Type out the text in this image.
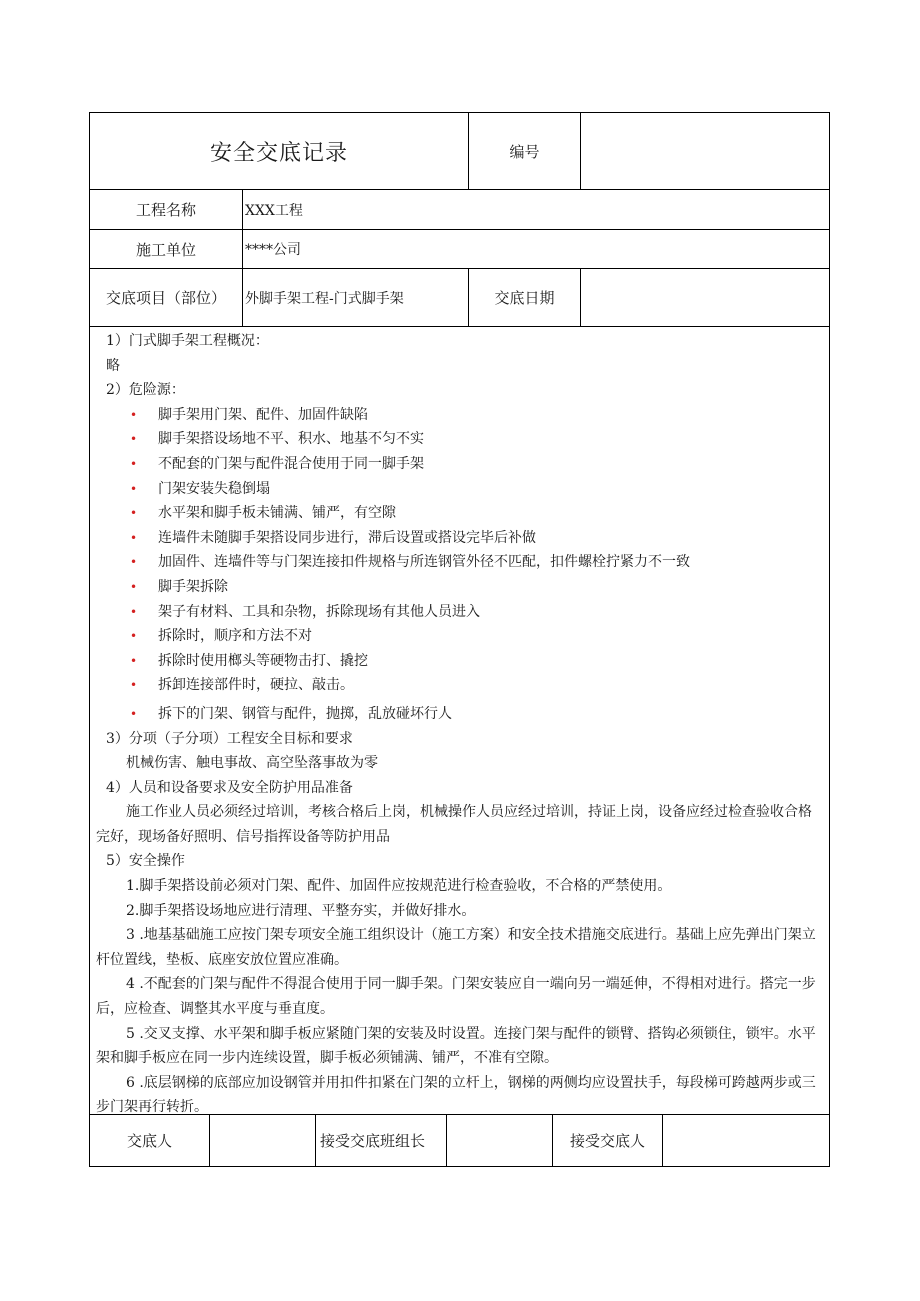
安全交底记录	编号
工程名称	XXX工程
施工单位	****公司
交底项目（部位）	外脚手架工程-门式脚手架	交底日期

1）门式脚手架工程概况：

略

2）危险源：

• 脚手架用门架、配件、加固件缺陷
• 脚手架搭设场地不平、积水、地基不匀不实
• 不配套的门架与配件混合使用于同一脚手架
• 门架安装失稳倒塌
• 水平架和脚手板未铺满、铺严，有空隙
• 连墙件未随脚手架搭设同步进行，滞后设置或搭设完毕后补做
• 加固件、连墙件等与门架连接扣件规格与所连钢管外径不匹配，扣件螺栓拧紧力不一致
• 脚手架拆除
• 架子有材料、工具和杂物，拆除现场有其他人员进入
• 拆除时，顺序和方法不对
• 拆除时使用榔头等硬物击打、撬挖
• 拆卸连接部件时，硬拉、敲击。
• 拆下的门架、钢管与配件，抛掷，乱放碰坏行人

3）分项（子分项）工程安全目标和要求

机械伤害、触电事故、高空坠落事故为零

4）人员和设备要求及安全防护用品准备

施工作业人员必须经过培训，考核合格后上岗，机械操作人员应经过培训，持证上岗，设备应经过检查验收合格完好，现场备好照明、信号指挥设备等防护用品

5）安全操作

1.脚手架搭设前必须对门架、配件、加固件应按规范进行检查验收，不合格的严禁使用。

2.脚手架搭设场地应进行清理、平整夯实，并做好排水。

3 .地基基础施工应按门架专项安全施工组织设计（施工方案）和安全技术措施交底进行。基础上应先弹出门架立杆位置线，垫板、底座安放位置应准确。

4 .不配套的门架与配件不得混合使用于同一脚手架。门架安装应自一端向另一端延伸，不得相对进行。搭完一步后，应检查、调整其水平度与垂直度。

5 .交叉支撑、水平架和脚手板应紧随门架的安装及时设置。连接门架与配件的锁臂、搭钩必须锁住，锁牢。水平架和脚手板应在同一步内连续设置，脚手板必须铺满、铺严，不准有空隙。

6 .底层钢梯的底部应加设钢管并用扣件扣紧在门架的立杆上，钢梯的两侧均应设置扶手，每段梯可跨越两步或三步门架再行转折。

交底人	接受交底班组长	接受交底人
